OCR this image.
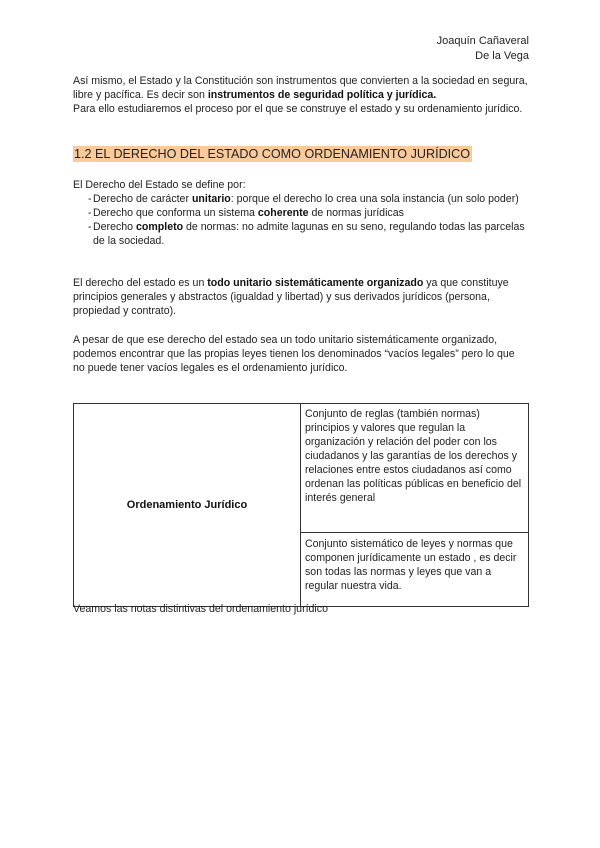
Joaquín Cañaveral
De la Vega

Así mismo, el Estado y la Constitución son instrumentos que convierten a la sociedad en segura, libre y pacífica. Es decir son instrumentos de seguridad política y jurídica.

Para ello estudiaremos el proceso por el que se construye el estado y su ordenamiento jurídico.

1.2 EL DERECHO DEL ESTADO COMO ORDENAMIENTO JURÍDICO

El Derecho del Estado se define por:

- Derecho de carácter unitario: porque el derecho lo crea una sola instancia (un solo poder)
- Derecho que conforma un sistema coherente de normas jurídicas
- Derecho completo de normas: no admite lagunas en su seno, regulando todas las parcelas de la sociedad.

El derecho del estado es un todo unitario sistemáticamente organizado ya que constituye principios generales y abstractos (igualdad y libertad) y sus derivados jurídicos (persona, propiedad y contrato).

A pesar de que ese derecho del estado sea un todo unitario sistemáticamente organizado, podemos encontrar que las propias leyes tienen los denominados “vacíos legales” pero lo que no puede tener vacíos legales es el ordenamiento jurídico.

Ordenamiento Jurídico	Conjunto de reglas (también normas) principios y valores que regulan la organización y relación del poder con los ciudadanos y las garantías de los derechos y relaciones entre estos ciudadanos así como ordenan las políticas públicas en beneficio del interés general
Conjunto sistemático de leyes y normas que componen jurídicamente un estado , es decir son todas las normas y leyes que van a regular nuestra vida.

Veamos las notas distintivas del ordenamiento jurídico
